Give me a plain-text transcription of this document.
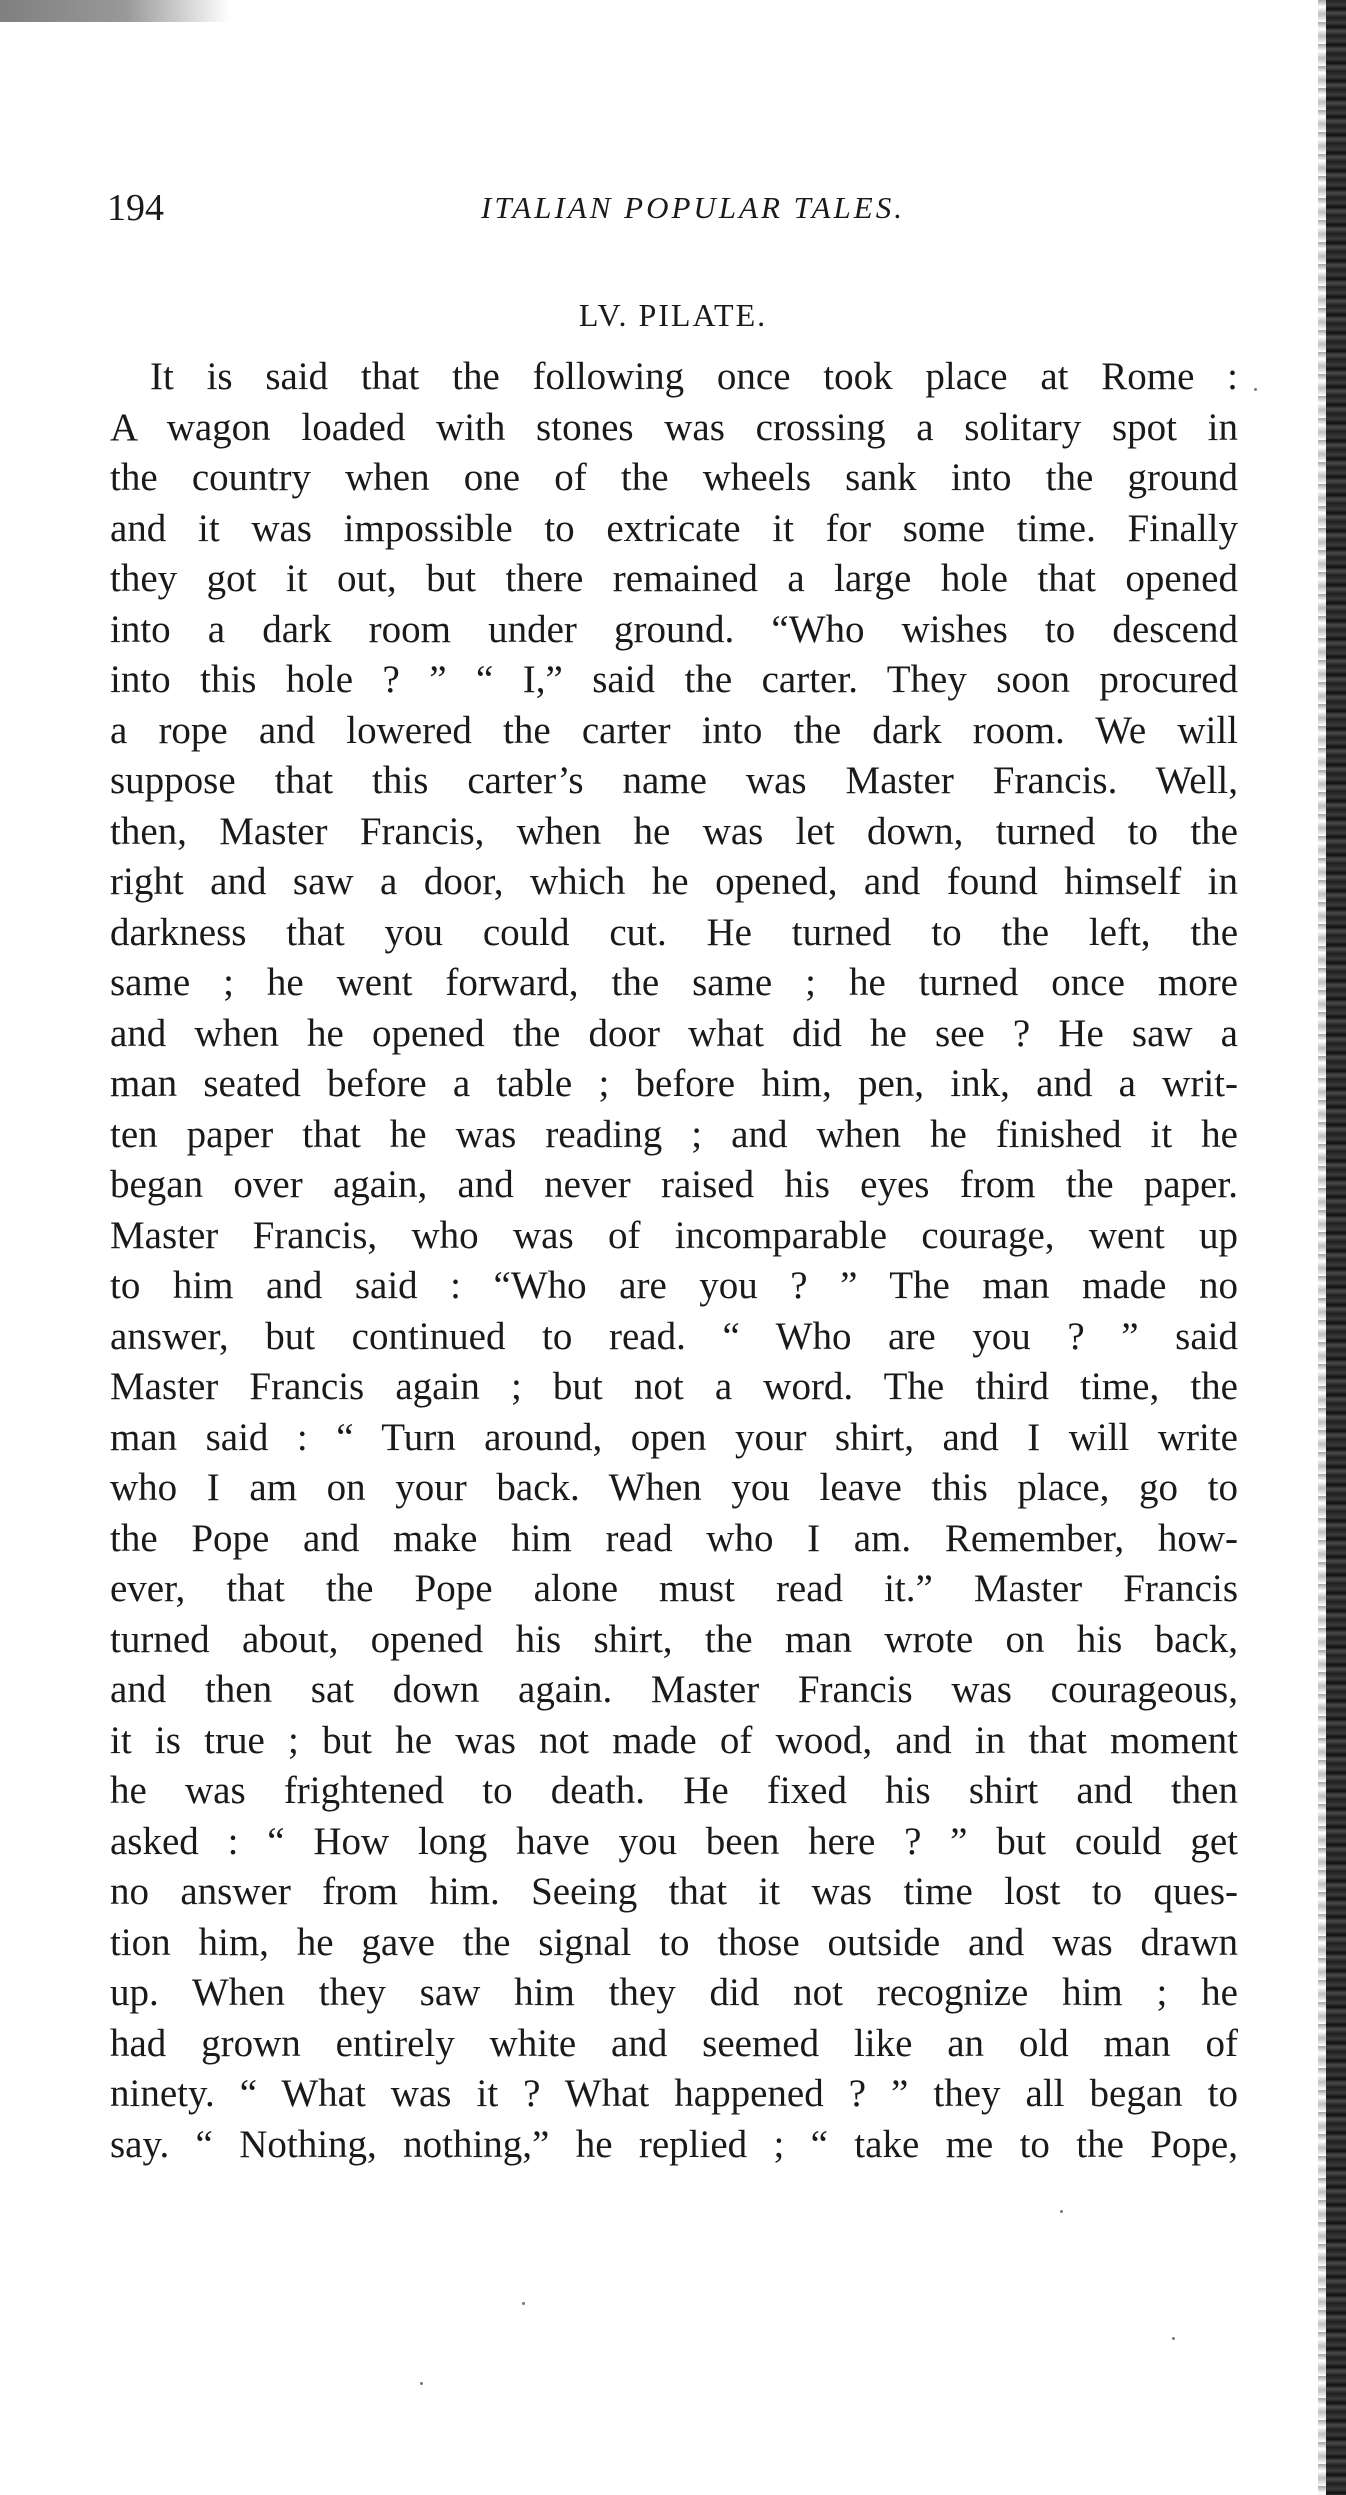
194	ITALIAN POPULAR TALES.
LV. PILATE.
It is said that the following once took place at Rome :
A wagon loaded with stones was crossing a solitary spot in
the country when one of the wheels sank into the ground
and it was impossible to extricate it for some time. Finally
they got it out, but there remained a large hole that opened
into a dark room under ground. “Who wishes to descend
into this hole ? ” “ I,” said the carter. They soon procured
a rope and lowered the carter into the dark room. We will
suppose that this carter’s name was Master Francis. Well,
then, Master Francis, when he was let down, turned to the
right and saw a door, which he opened, and found himself in
darkness that you could cut. He turned to the left, the
same ; he went forward, the same ; he turned once more
and when he opened the door what did he see ? He saw a
man seated before a table ; before him, pen, ink, and a writ-
ten paper that he was reading ; and when he finished it he
began over again, and never raised his eyes from the paper.
Master Francis, who was of incomparable courage, went up
to him and said : “Who are you ? ” The man made no
answer, but continued to read. “ Who are you ? ” said
Master Francis again ; but not a word. The third time, the
man said : “ Turn around, open your shirt, and I will write
who I am on your back. When you leave this place, go to
the Pope and make him read who I am. Remember, how-
ever, that the Pope alone must read it.” Master Francis
turned about, opened his shirt, the man wrote on his back,
and then sat down again. Master Francis was courageous,
it is true ; but he was not made of wood, and in that moment
he was frightened to death. He fixed his shirt and then
asked : “ How long have you been here ? ” but could get
no answer from him. Seeing that it was time lost to ques-
tion him, he gave the signal to those outside and was drawn
up. When they saw him they did not recognize him ; he
had grown entirely white and seemed like an old man of
ninety. “ What was it ? What happened ? ” they all began to
say. “ Nothing, nothing,” he replied ; “ take me to the Pope,
